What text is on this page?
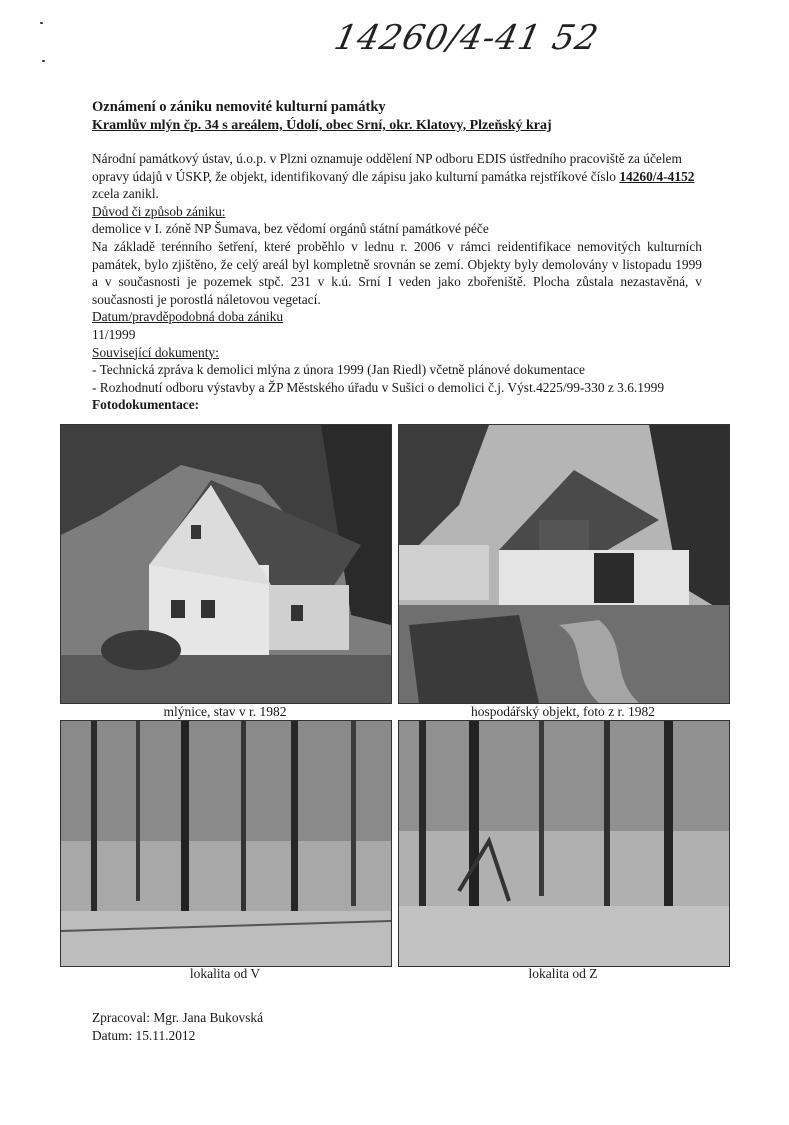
14260/4-41 52
Oznámení o zániku nemovité kulturní památky
Kramlův mlýn čp. 34 s areálem, Údolí, obec Srní, okr. Klatovy, Plzeňský kraj

Národní památkový ústav, ú.o.p. v Plzni oznamuje oddělení NP odboru EDIS ústředního pracoviště za účelem opravy údajů v ÚSKP, že objekt, identifikovaný dle zápisu jako kulturní památka rejstříkové číslo 14260/4-4152 zcela zanikl.

Důvod či způsob zániku:

demolice v I. zóně NP Šumava, bez vědomí orgánů státní památkové péče

Na základě terénního šetření, které proběhlo v lednu r. 2006 v rámci reidentifikace nemovitých kulturních památek, bylo zjištěno, že celý areál byl kompletně srovnán se zemí. Objekty byly demolovány v listopadu 1999 a v současnosti je pozemek stpč. 231 v k.ú. Srní I veden jako zbořeniště. Plocha zůstala nezastavěná, v současnosti je porostlá náletovou vegetací.

Datum/pravděpodobná doba zániku

11/1999

Související dokumenty:

- Technická zpráva k demolici mlýna z února 1999 (Jan Riedl) včetně plánové dokumentace

- Rozhodnutí odboru výstavby a ŽP Městského úřadu v Sušici o demolici č.j. Výst.4225/99-330 z 3.6.1999

Fotodokumentace:

mlýnice, stav v r. 1982	hospodářský objekt, foto z r. 1982
lokalita od V	lokalita od Z

Zpracoval: Mgr. Jana Bukovská

Datum: 15.11.2012
